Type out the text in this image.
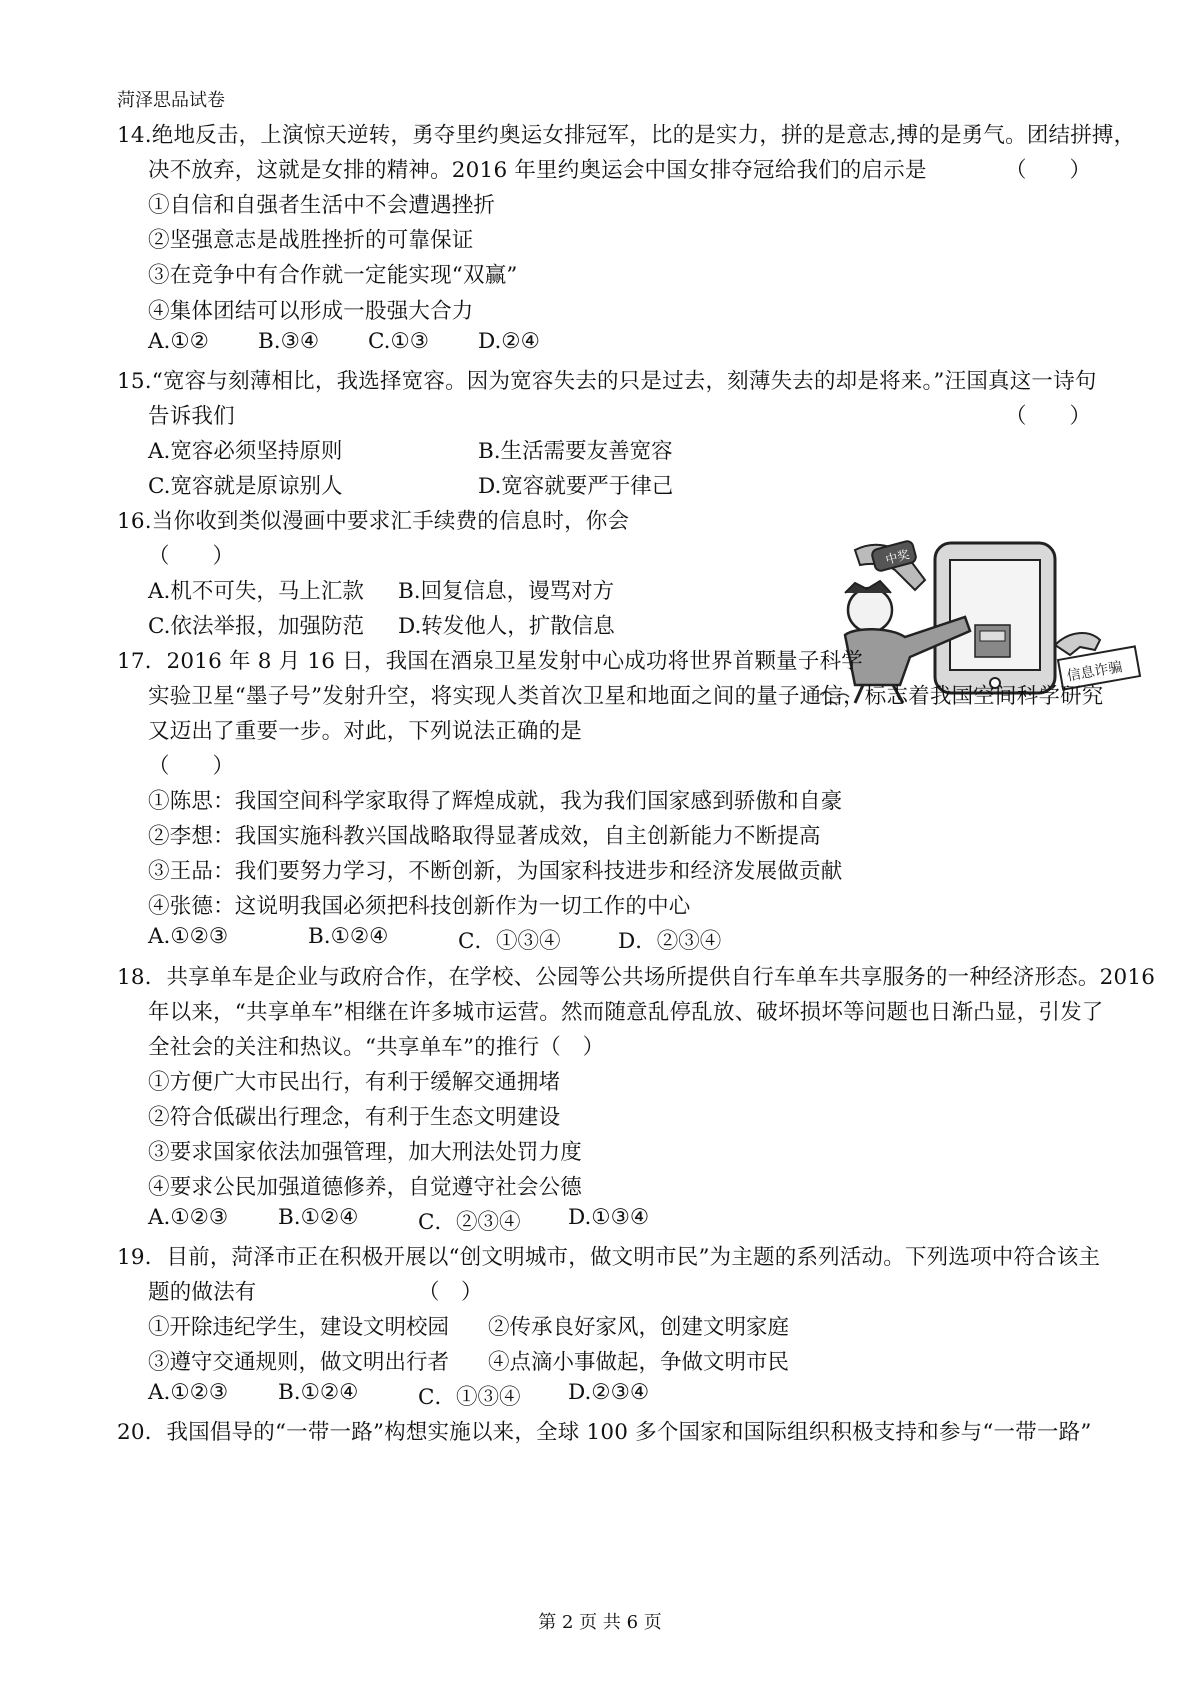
菏泽思品试卷
14.绝地反击，上演惊天逆转，勇夺里约奥运女排冠军，比的是实力，拼的是意志,搏的是勇气。团结拼搏，
决不放弃，这就是女排的精神。2016 年里约奥运会中国女排夺冠给我们的启示是	（　　）
①自信和自强者生活中不会遭遇挫折
②坚强意志是战胜挫折的可靠保证
③在竞争中有合作就一定能实现“双赢”
④集体团结可以形成一股强大合力
A.①② B.③④ C.①③ D.②④
15.“宽容与刻薄相比，我选择宽容。因为宽容失去的只是过去，刻薄失去的却是将来。”汪国真这一诗句
告诉我们	（　　）
A.宽容必须坚持原则	B.生活需要友善宽容
C.宽容就是原谅别人	D.宽容就要严于律己
16.当你收到类似漫画中要求汇手续费的信息时，你会
（　　）
A.机不可失，马上汇款 B.回复信息，谩骂对方
C.依法举报，加强防范 D.转发他人，扩散信息
中奖
信息诈骗
17．2016 年 8 月 16 日，我国在酒泉卫星发射中心成功将世界首颗量子科学
实验卫星“墨子号”发射升空，将实现人类首次卫星和地面之间的量子通信，标志着我国空间科学研究
又迈出了重要一步。对此，下列说法正确的是
（　　）
①陈思：我国空间科学家取得了辉煌成就，我为我们国家感到骄傲和自豪
②李想：我国实施科教兴国战略取得显著成效，自主创新能力不断提高
③王品：我们要努力学习，不断创新，为国家科技进步和经济发展做贡献
④张德：这说明我国必须把科技创新作为一切工作的中心
A.①②③	B.①②④	C．①③④	D．②③④
18．共享单车是企业与政府合作，在学校、公园等公共场所提供自行车单车共享服务的一种经济形态。2016
年以来，“共享单车”相继在许多城市运营。然而随意乱停乱放、破坏损坏等问题也日渐凸显，引发了
全社会的关注和热议。“共享单车”的推行（　）
①方便广大市民出行，有利于缓解交通拥堵
②符合低碳出行理念，有利于生态文明建设
③要求国家依法加强管理，加大刑法处罚力度
④要求公民加强道德修养，自觉遵守社会公德
A.①②③ B.①②④	C．②③④ D.①③④
19．目前，菏泽市正在积极开展以“创文明城市，做文明市民”为主题的系列活动。下列选项中符合该主
题的做法有	（　）
①开除违纪学生，建设文明校园 ②传承良好家风，创建文明家庭
③遵守交通规则，做文明出行者 ④点滴小事做起，争做文明市民
A.①②③ B.①②④	C．①③④ D.②③④
20．我国倡导的“一带一路”构想实施以来，全球 100 多个国家和国际组织积极支持和参与“一带一路”
第 2 页 共 6 页
